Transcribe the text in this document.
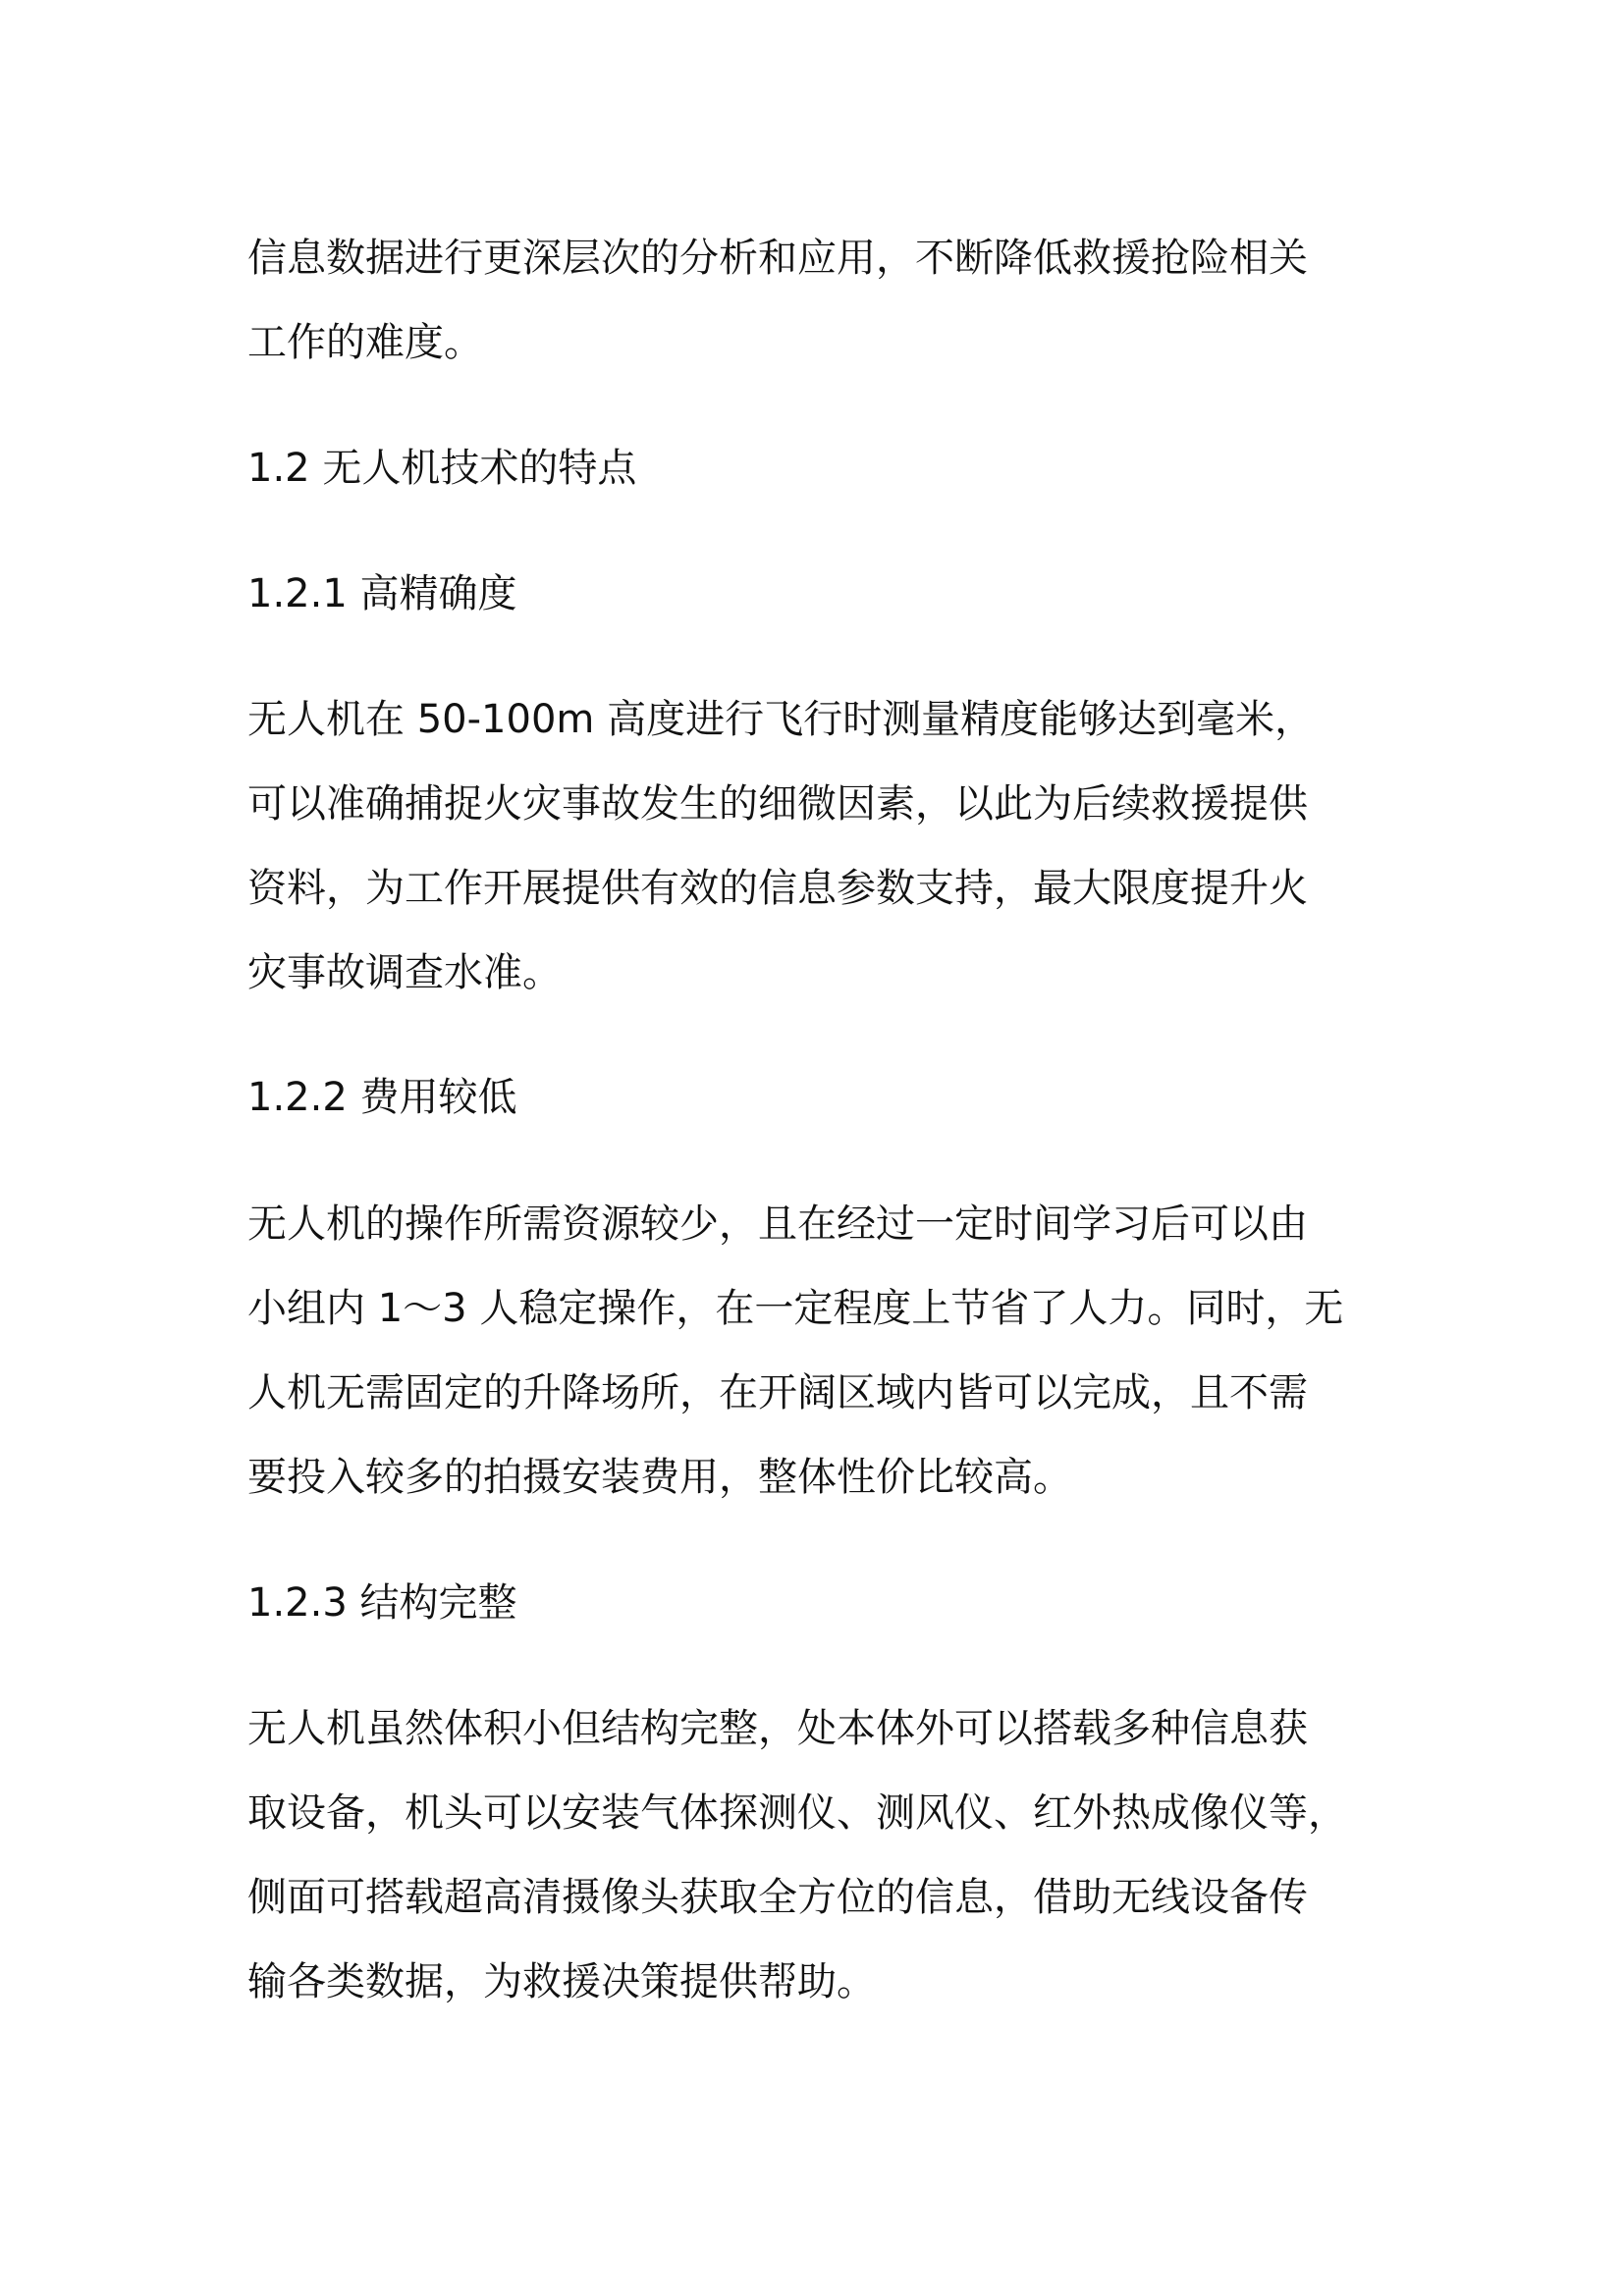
信息数据进行更深层次的分析和应用，不断降低救援抢险相关
工作的难度。

1.2 无人机技术的特点
1.2.1 高精确度

无人机在 50-100m 高度进行飞行时测量精度能够达到毫米，
可以准确捕捉火灾事故发生的细微因素，以此为后续救援提供
资料，为工作开展提供有效的信息参数支持，最大限度提升火
灾事故调查水准。

1.2.2 费用较低

无人机的操作所需资源较少，且在经过一定时间学习后可以由
小组内 1～3 人稳定操作，在一定程度上节省了人力。同时，无
人机无需固定的升降场所，在开阔区域内皆可以完成，且不需
要投入较多的拍摄安装费用，整体性价比较高。

1.2.3 结构完整

无人机虽然体积小但结构完整，处本体外可以搭载多种信息获
取设备，机头可以安装气体探测仪、测风仪、红外热成像仪等，
侧面可搭载超高清摄像头获取全方位的信息，借助无线设备传
输各类数据，为救援决策提供帮助。
